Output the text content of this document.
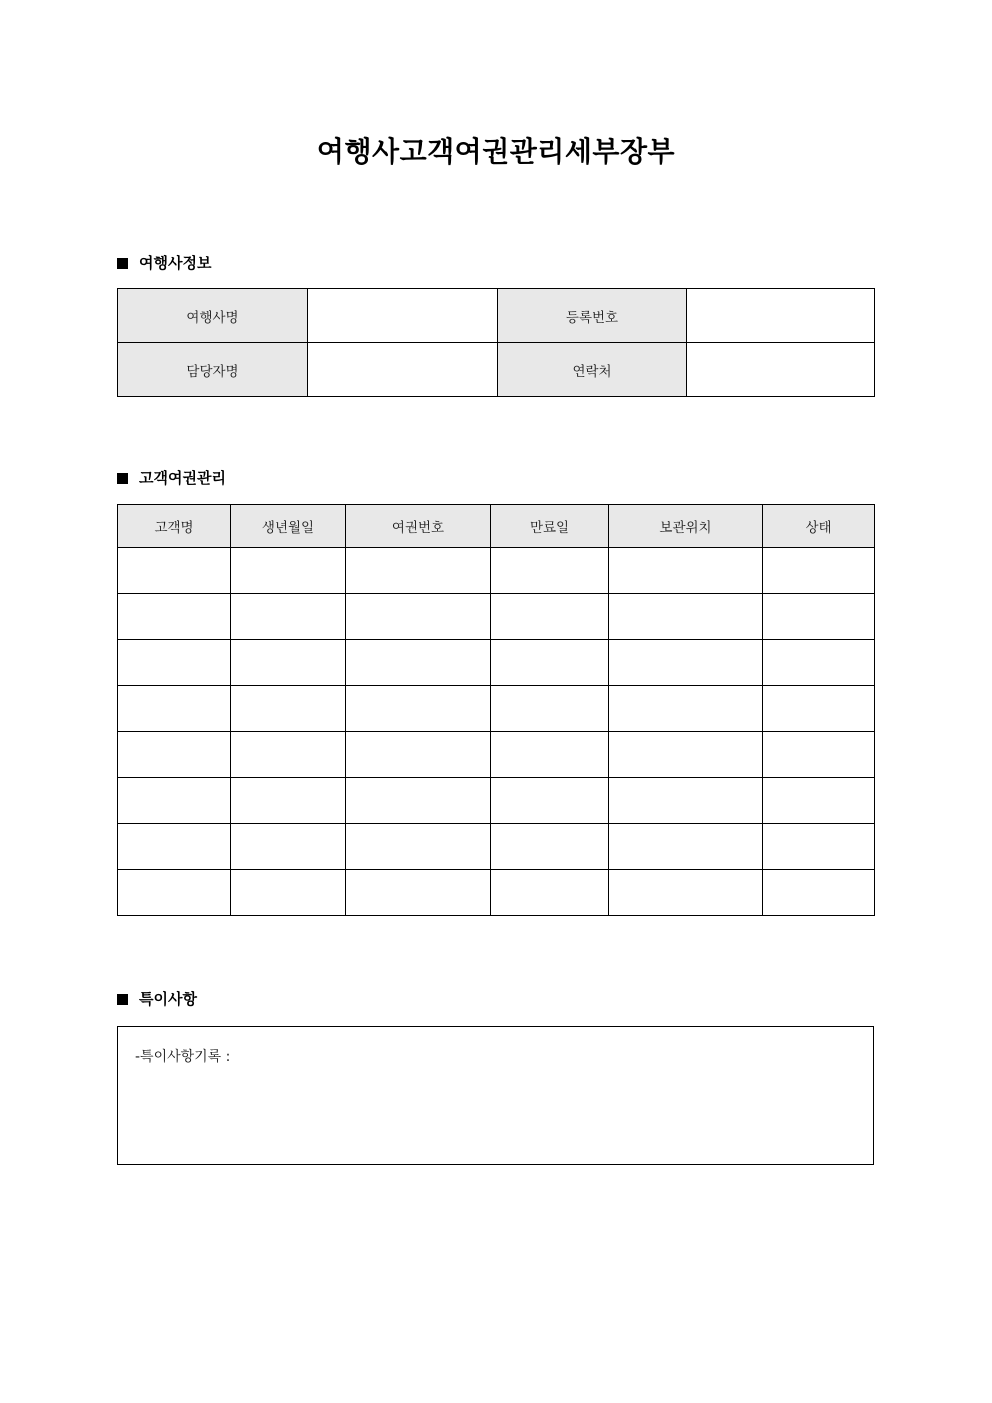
여행사고객여권관리세부장부
여행사정보
여행사명		등록번호	
담당자명		연락처	
고객여권관리
고객명	생년월일	여권번호	만료일	보관위치	상태

특이사항
-특이사항기록 :
